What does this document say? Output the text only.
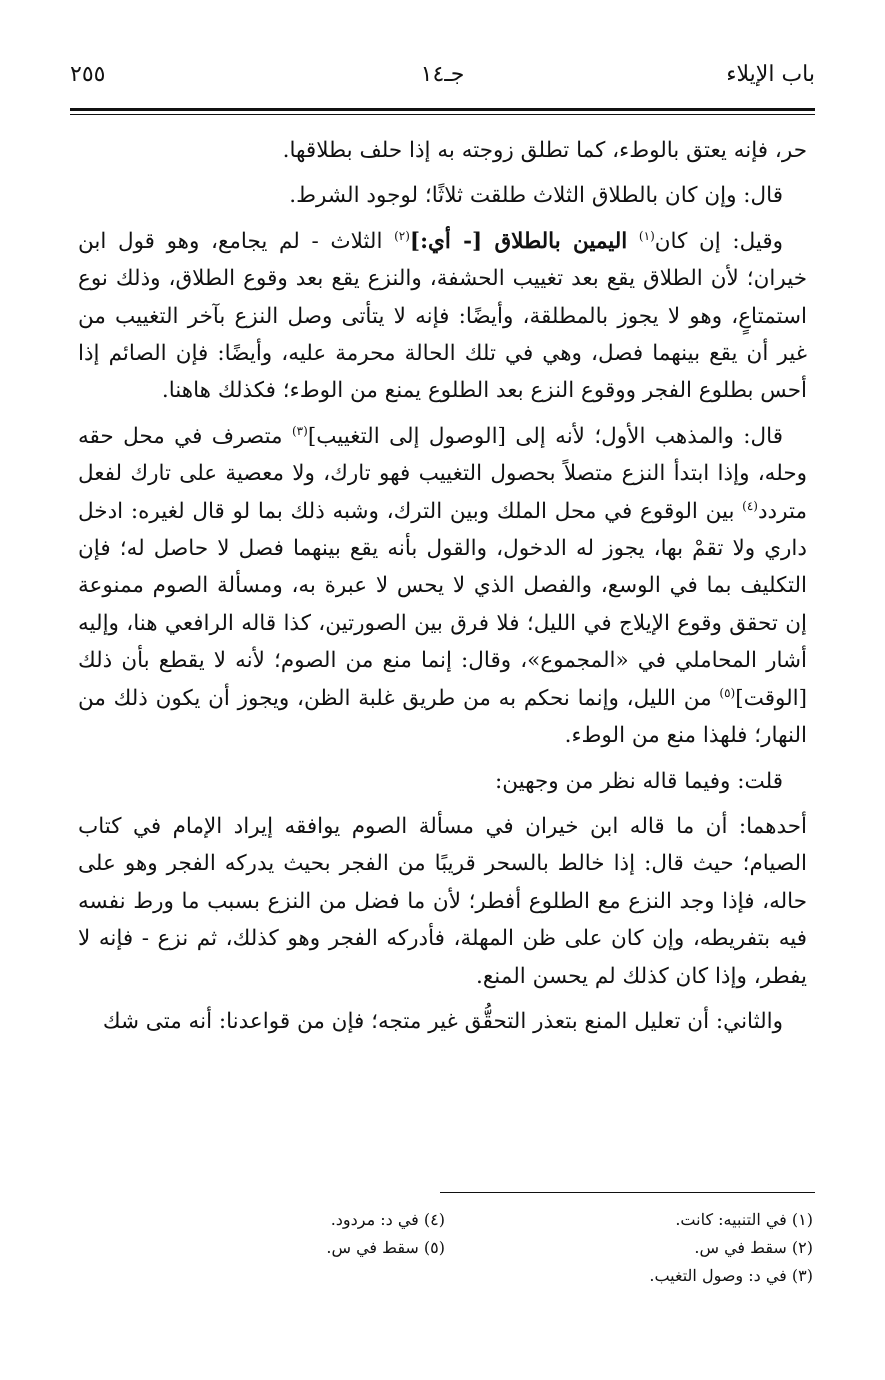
باب الإيلاء
جـ١٤
٢٥٥

حر، فإنه يعتق بالوطء، كما تطلق زوجته به إذا حلف بطلاقها.

قال: وإن كان بالطلاق الثلاث طلقت ثلاثًا؛ لوجود الشرط.

وقيل: إن كان$^{(١)}$ اليمين بالطلاق [- أي:]$^{(٢)}$ الثلاث - لم يجامع، وهو قول ابن خيران؛ لأن الطلاق يقع بعد تغييب الحشفة، والنزع يقع بعد وقوع الطلاق، وذلك نوع استمتاعٍ، وهو لا يجوز بالمطلقة، وأيضًا: فإنه لا يتأتى وصل النزع بآخر التغييب من غير أن يقع بينهما فصل، وهي في تلك الحالة محرمة عليه، وأيضًا: فإن الصائم إذا أحس بطلوع الفجر ووقوع النزع بعد الطلوع يمنع من الوطء؛ فكذلك هاهنا.

قال: والمذهب الأول؛ لأنه إلى [الوصول إلى التغييب]$^{(٣)}$ متصرف في محل حقه وحله، وإذا ابتدأ النزع متصلاً بحصول التغييب فهو تارك، ولا معصية على تارك لفعل متردد$^{(٤)}$ بين الوقوع في محل الملك وبين الترك، وشبه ذلك بما لو قال لغيره: ادخل داري ولا تقمْ بها، يجوز له الدخول، والقول بأنه يقع بينهما فصل لا حاصل له؛ فإن التكليف بما في الوسع، والفصل الذي لا يحس لا عبرة به، ومسألة الصوم ممنوعة إن تحقق وقوع الإيلاج في الليل؛ فلا فرق بين الصورتين، كذا قاله الرافعي هنا، وإليه أشار المحاملي في «المجموع»، وقال: إنما منع من الصوم؛ لأنه لا يقطع بأن ذلك [الوقت]$^{(٥)}$ من الليل، وإنما نحكم به من طريق غلبة الظن، ويجوز أن يكون ذلك من النهار؛ فلهذا منع من الوطء.

قلت: وفيما قاله نظر من وجهين:

أحدهما: أن ما قاله ابن خيران في مسألة الصوم يوافقه إيراد الإمام في كتاب الصيام؛ حيث قال: إذا خالط بالسحر قريبًا من الفجر بحيث يدركه الفجر وهو على حاله، فإذا وجد النزع مع الطلوع أفطر؛ لأن ما فضل من النزع بسبب ما ورط نفسه فيه بتفريطه، وإن كان على ظن المهلة، فأدركه الفجر وهو كذلك، ثم نزع - فإنه لا يفطر، وإذا كان كذلك لم يحسن المنع.

والثاني: أن تعليل المنع بتعذر التحقُّق غير متجه؛ فإن من قواعدنا: أنه متى شك

(١) في التنبيه: كانت.
(٢) سقط في س.
(٣) في د: وصول التغيب.
(٤) في د: مردود.
(٥) سقط في س.
